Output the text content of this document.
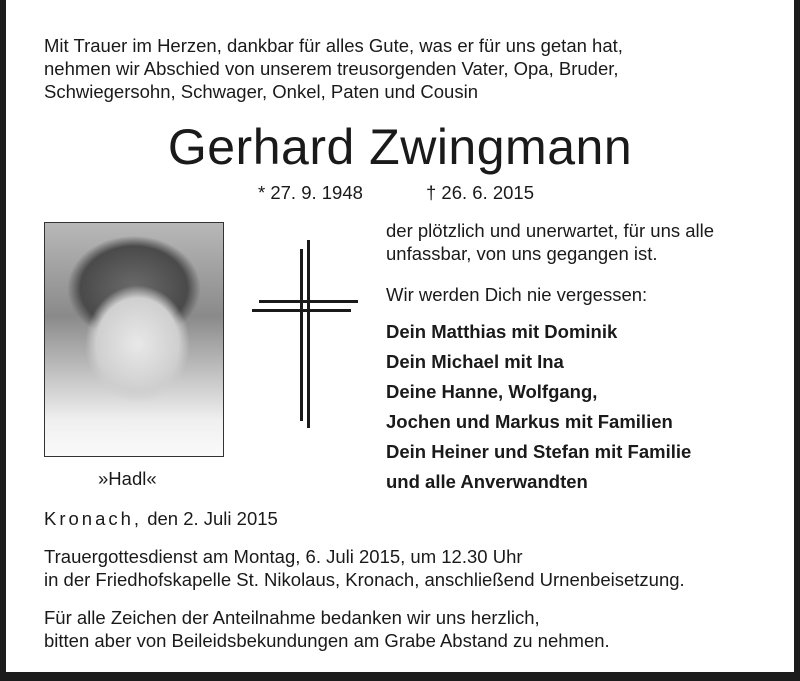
Mit Trauer im Herzen, dankbar für alles Gute, was er für uns getan hat,
nehmen wir Abschied von unserem treusorgenden Vater, Opa, Bruder,
Schwiegersohn, Schwager, Onkel, Paten und Cousin
Gerhard Zwingmann
* 27. 9. 1948	† 26. 6. 2015
»Hadl«
der plötzlich und unerwartet, für uns alle
unfassbar, von uns gegangen ist.
Wir werden Dich nie vergessen:
Dein Matthias mit Dominik
Dein Michael mit Ina
Deine Hanne, Wolfgang,
Jochen und Markus mit Familien
Dein Heiner und Stefan mit Familie
und alle Anverwandten
Kronach, den 2. Juli 2015
Trauergottesdienst am Montag, 6. Juli 2015, um 12.30 Uhr
in der Friedhofskapelle St. Nikolaus, Kronach, anschließend Urnenbeisetzung.
Für alle Zeichen der Anteilnahme bedanken wir uns herzlich,
bitten aber von Beileidsbekundungen am Grabe Abstand zu nehmen.
